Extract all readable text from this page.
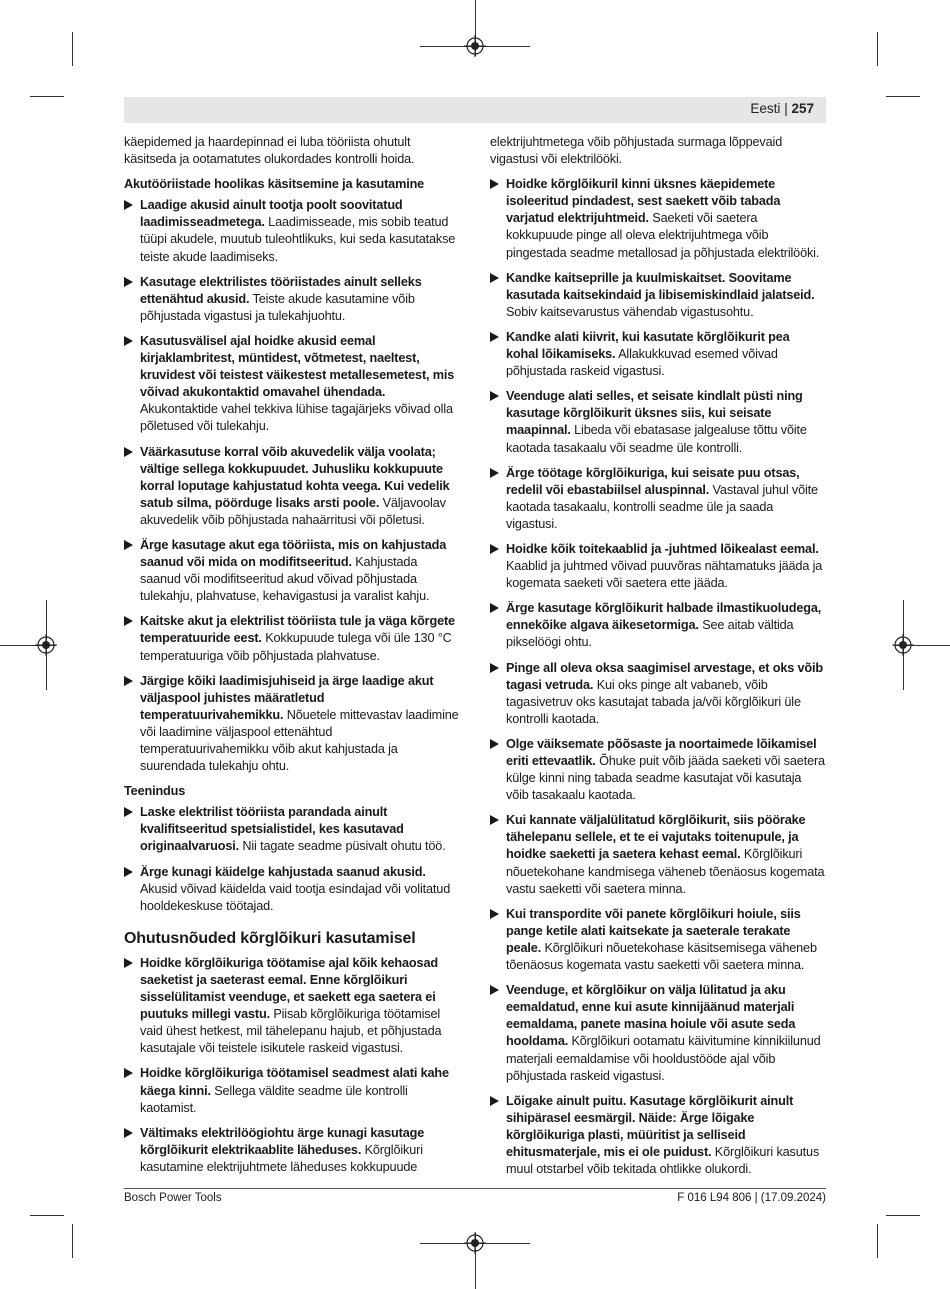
Eesti | 257

käepidemed ja haardepinnad ei luba tööriista ohutult käsitseda ja ootamatutes olukordades kontrolli hoida.

Akutööriistade hoolikas käsitsemine ja kasutamine
Laadige akusid ainult tootja poolt soovitatud laadimisseadmetega. Laadimisseade, mis sobib teatud tüüpi akudele, muutub tuleohtlikuks, kui seda kasutatakse teiste akude laadimiseks.
Kasutage elektrilistes tööriistades ainult selleks ettenähtud akusid. Teiste akude kasutamine võib põhjustada vigastusi ja tulekahjuohtu.
Kasutusvälisel ajal hoidke akusid eemal kirjaklambritest, müntidest, võtmetest, naeltest, kruvidest või teistest väikestest metallesemetest, mis võivad akukontaktid omavahel ühendada. Akukontaktide vahel tekkiva lühise tagajärjeks võivad olla põletused või tulekahju.
Väärkasutuse korral võib akuvedelik välja voolata; vältige sellega kokkupuudet. Juhusliku kokkupuute korral loputage kahjustatud kohta veega. Kui vedelik satub silma, pöörduge lisaks arsti poole. Väljavoolav akuvedelik võib põhjustada nahaärritusi või põletusi.
Ärge kasutage akut ega tööriista, mis on kahjustada saanud või mida on modifitseeritud. Kahjustada saanud või modifitseeritud akud võivad põhjustada tulekahju, plahvatuse, kehavigastusi ja varalist kahju.
Kaitske akut ja elektrilist tööriista tule ja väga kõrgete temperatuuride eest. Kokkupuude tulega või üle 130 °C temperatuuriga võib põhjustada plahvatuse.
Järgige kõiki laadimisjuhiseid ja ärge laadige akut väljaspool juhistes määratletud temperatuurivahemikku. Nõuetele mittevastav laadimine või laadimine väljaspool ettenähtud temperatuurivahemikku võib akut kahjustada ja suurendada tulekahju ohtu.
Teenindus
Laske elektrilist tööriista parandada ainult kvalifitseeritud spetsialistidel, kes kasutavad originaalvaruosi. Nii tagate seadme püsivalt ohutu töö.
Ärge kunagi käidelge kahjustada saanud akusid. Akusid võivad käidelda vaid tootja esindajad või volitatud hooldekeskuse töötajad.
Ohutusnõuded kõrglõikuri kasutamisel
Hoidke kõrglõikuriga töötamise ajal kõik kehaosad saeketist ja saeterast eemal. Enne kõrglõikuri sisselülitamist veenduge, et saekett ega saetera ei puutuks millegi vastu. Piisab kõrglõikuriga töötamisel vaid ühest hetkest, mil tähelepanu hajub, et põhjustada kasutajale või teistele isikutele raskeid vigastusi.
Hoidke kõrglõikuriga töötamisel seadmest alati kahe käega kinni. Sellega väldite seadme üle kontrolli kaotamist.
Vältimaks elektrilöögiohtu ärge kunagi kasutage kõrglõikurit elektrikaablite läheduses. Kõrglõikuri kasutamine elektrijuhtmete läheduses kokkupuude

elektrijuhtmetega võib põhjustada surmaga lõppevaid vigastusi või elektrilööki.

Hoidke kõrglõikuril kinni üksnes käepidemete isoleeritud pindadest, sest saekett võib tabada varjatud elektrijuhtmeid. Saeketi või saetera kokkupuude pinge all oleva elektrijuhtmega võib pingestada seadme metallosad ja põhjustada elektrilööki.
Kandke kaitseprille ja kuulmiskaitset. Soovitame kasutada kaitsekindaid ja libisemiskindlaid jalatseid. Sobiv kaitsevarustus vähendab vigastusohtu.
Kandke alati kiivrit, kui kasutate kõrglõikurit pea kohal lõikamiseks. Allakukkuvad esemed võivad põhjustada raskeid vigastusi.
Veenduge alati selles, et seisate kindlalt püsti ning kasutage kõrglõikurit üksnes siis, kui seisate maapinnal. Libeda või ebatasase jalgealuse tõttu võite kaotada tasakaalu või seadme üle kontrolli.
Ärge töötage kõrglõikuriga, kui seisate puu otsas, redelil või ebastabiilsel aluspinnal. Vastaval juhul võite kaotada tasakaalu, kontrolli seadme üle ja saada vigastusi.
Hoidke kõik toitekaablid ja -juhtmed lõikealast eemal. Kaablid ja juhtmed võivad puuvõras nähtamatuks jääda ja kogemata saeketi või saetera ette jääda.
Ärge kasutage kõrglõikurit halbade ilmastikuoludega, ennekõike algava äikesetormiga. See aitab vältida pikselöögi ohtu.
Pinge all oleva oksa saagimisel arvestage, et oks võib tagasi vetruda. Kui oks pinge alt vabaneb, võib tagasivetruv oks kasutajat tabada ja/või kõrglõikuri üle kontrolli kaotada.
Olge väiksemate põõsaste ja noortaimede lõikamisel eriti ettevaatlik. Õhuke puit võib jääda saeketi või saetera külge kinni ning tabada seadme kasutajat või kasutaja võib tasakaalu kaotada.
Kui kannate väljalülitatud kõrglõikurit, siis pöörake tähelepanu sellele, et te ei vajutaks toitenupule, ja hoidke saeketti ja saetera kehast eemal. Kõrglõikuri nõuetekohane kandmisega väheneb tõenäosus kogemata vastu saeketti või saetera minna.
Kui transpordite või panete kõrglõikuri hoiule, siis pange ketile alati kaitsekate ja saeterale terakate peale. Kõrglõikuri nõuetekohase käsitsemisega väheneb tõenäosus kogemata vastu saeketti või saetera minna.
Veenduge, et kõrglõikur on välja lülitatud ja aku eemaldatud, enne kui asute kinnijäänud materjali eemaldama, panete masina hoiule või asute seda hooldama. Kõrglõikuri ootamatu käivitumine kinnikiilunud materjali eemaldamise või hooldustööde ajal võib põhjustada raskeid vigastusi.
Lõigake ainult puitu. Kasutage kõrglõikurit ainult sihipärasel eesmärgil. Näide: Ärge lõigake kõrglõikuriga plasti, müüritist ja selliseid ehitusmaterjale, mis ei ole puidust. Kõrglõikuri kasutus muul otstarbel võib tekitada ohtlikke olukordi.
Bosch Power Tools	F 016 L94 806 | (17.09.2024)
